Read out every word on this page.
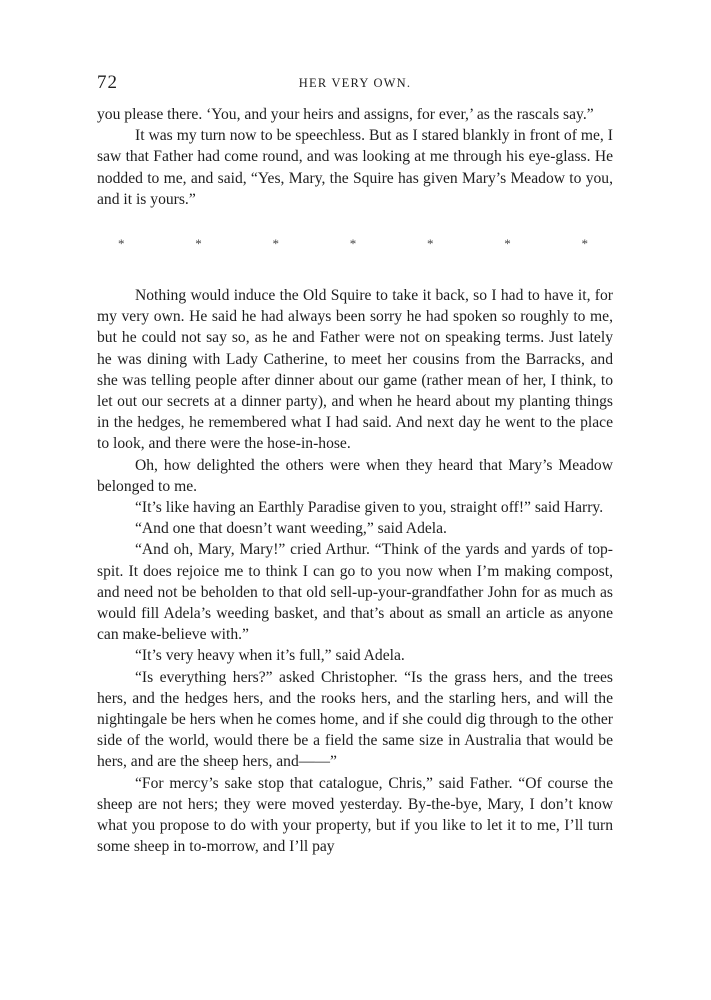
72	HER VERY OWN.

you please there. ‘You, and your heirs and assigns, for ever,’ as the rascals say.”

It was my turn now to be speechless. But as I stared blankly in front of me, I saw that Father had come round, and was looking at me through his eye-glass. He nodded to me, and said, “Yes, Mary, the Squire has given Mary’s Meadow to you, and it is yours.”

*	*	*	*	*	*	*

Nothing would induce the Old Squire to take it back, so I had to have it, for my very own. He said he had always been sorry he had spoken so roughly to me, but he could not say so, as he and Father were not on speaking terms. Just lately he was dining with Lady Catherine, to meet her cousins from the Barracks, and she was telling people after dinner about our game (rather mean of her, I think, to let out our secrets at a dinner party), and when he heard about my planting things in the hedges, he remembered what I had said. And next day he went to the place to look, and there were the hose-in-hose.

Oh, how delighted the others were when they heard that Mary’s Meadow belonged to me.

“It’s like having an Earthly Paradise given to you, straight off!” said Harry.

“And one that doesn’t want weeding,” said Adela.

“And oh, Mary, Mary!” cried Arthur. “Think of the yards and yards of top-spit. It does rejoice me to think I can go to you now when I’m making compost, and need not be beholden to that old sell-up-your-grandfather John for as much as would fill Adela’s weeding basket, and that’s about as small an article as anyone can make-believe with.”

“It’s very heavy when it’s full,” said Adela.

“Is everything hers?” asked Christopher. “Is the grass hers, and the trees hers, and the hedges hers, and the rooks hers, and the starling hers, and will the nightingale be hers when he comes home, and if she could dig through to the other side of the world, would there be a field the same size in Australia that would be hers, and are the sheep hers, and——”

“For mercy’s sake stop that catalogue, Chris,” said Father. “Of course the sheep are not hers; they were moved yesterday. By-the-bye, Mary, I don’t know what you propose to do with your property, but if you like to let it to me, I’ll turn some sheep in to-morrow, and I’ll pay
